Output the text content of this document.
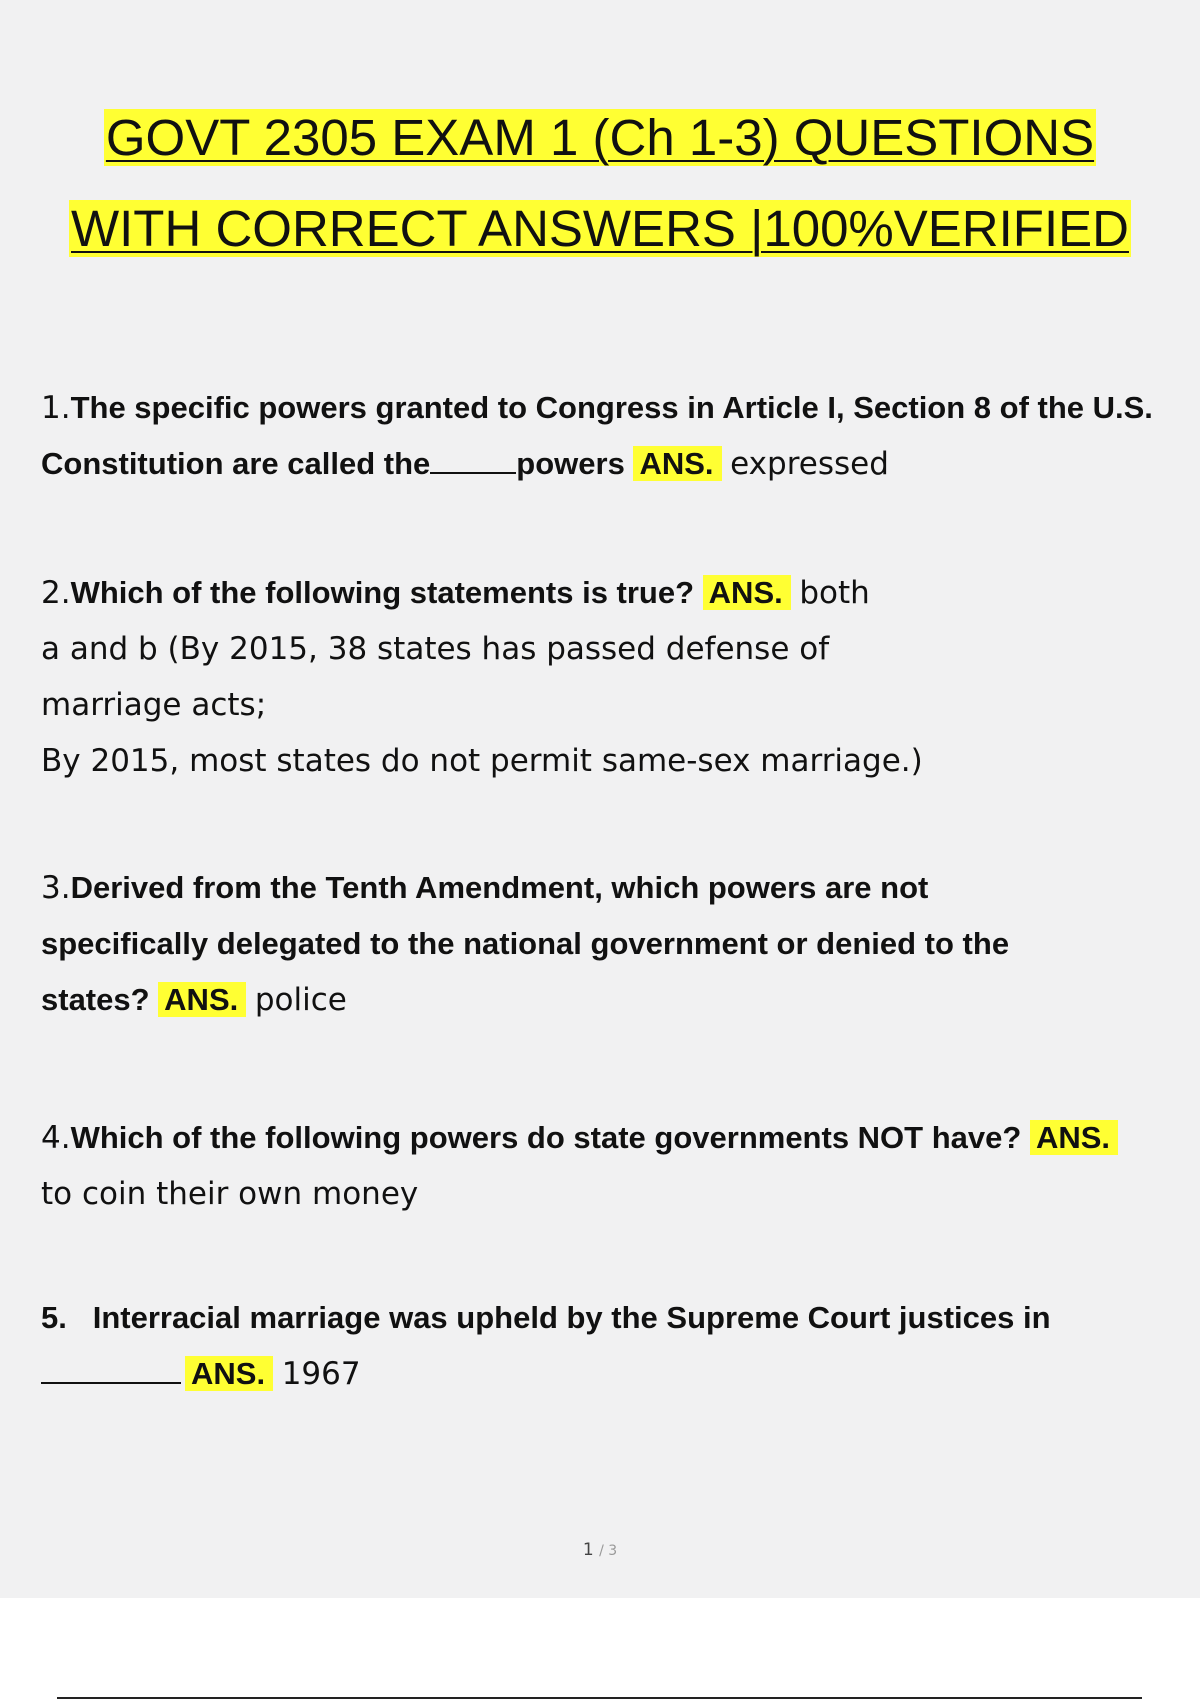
GOVT 2305 EXAM 1 (Ch 1-3) QUESTIONS
WITH CORRECT ANSWERS |100%VERIFIED
1.The specific powers granted to Congress in Article I, Section 8 of the U.S. Constitution are called the	powers ANS. expressed
2.Which of the following statements is true? ANS. both
a and b (By 2015, 38 states has passed defense of
marriage acts;
By 2015, most states do not permit same-sex marriage.)
3.Derived from the Tenth Amendment, which powers are not specifically delegated to the national government or denied to the states? ANS. police
4.Which of the following powers do state governments NOT have? ANS.
to coin their own money
5. Interracial marriage was upheld by the Supreme Court justices in
ANS. 1967
1 / 3
